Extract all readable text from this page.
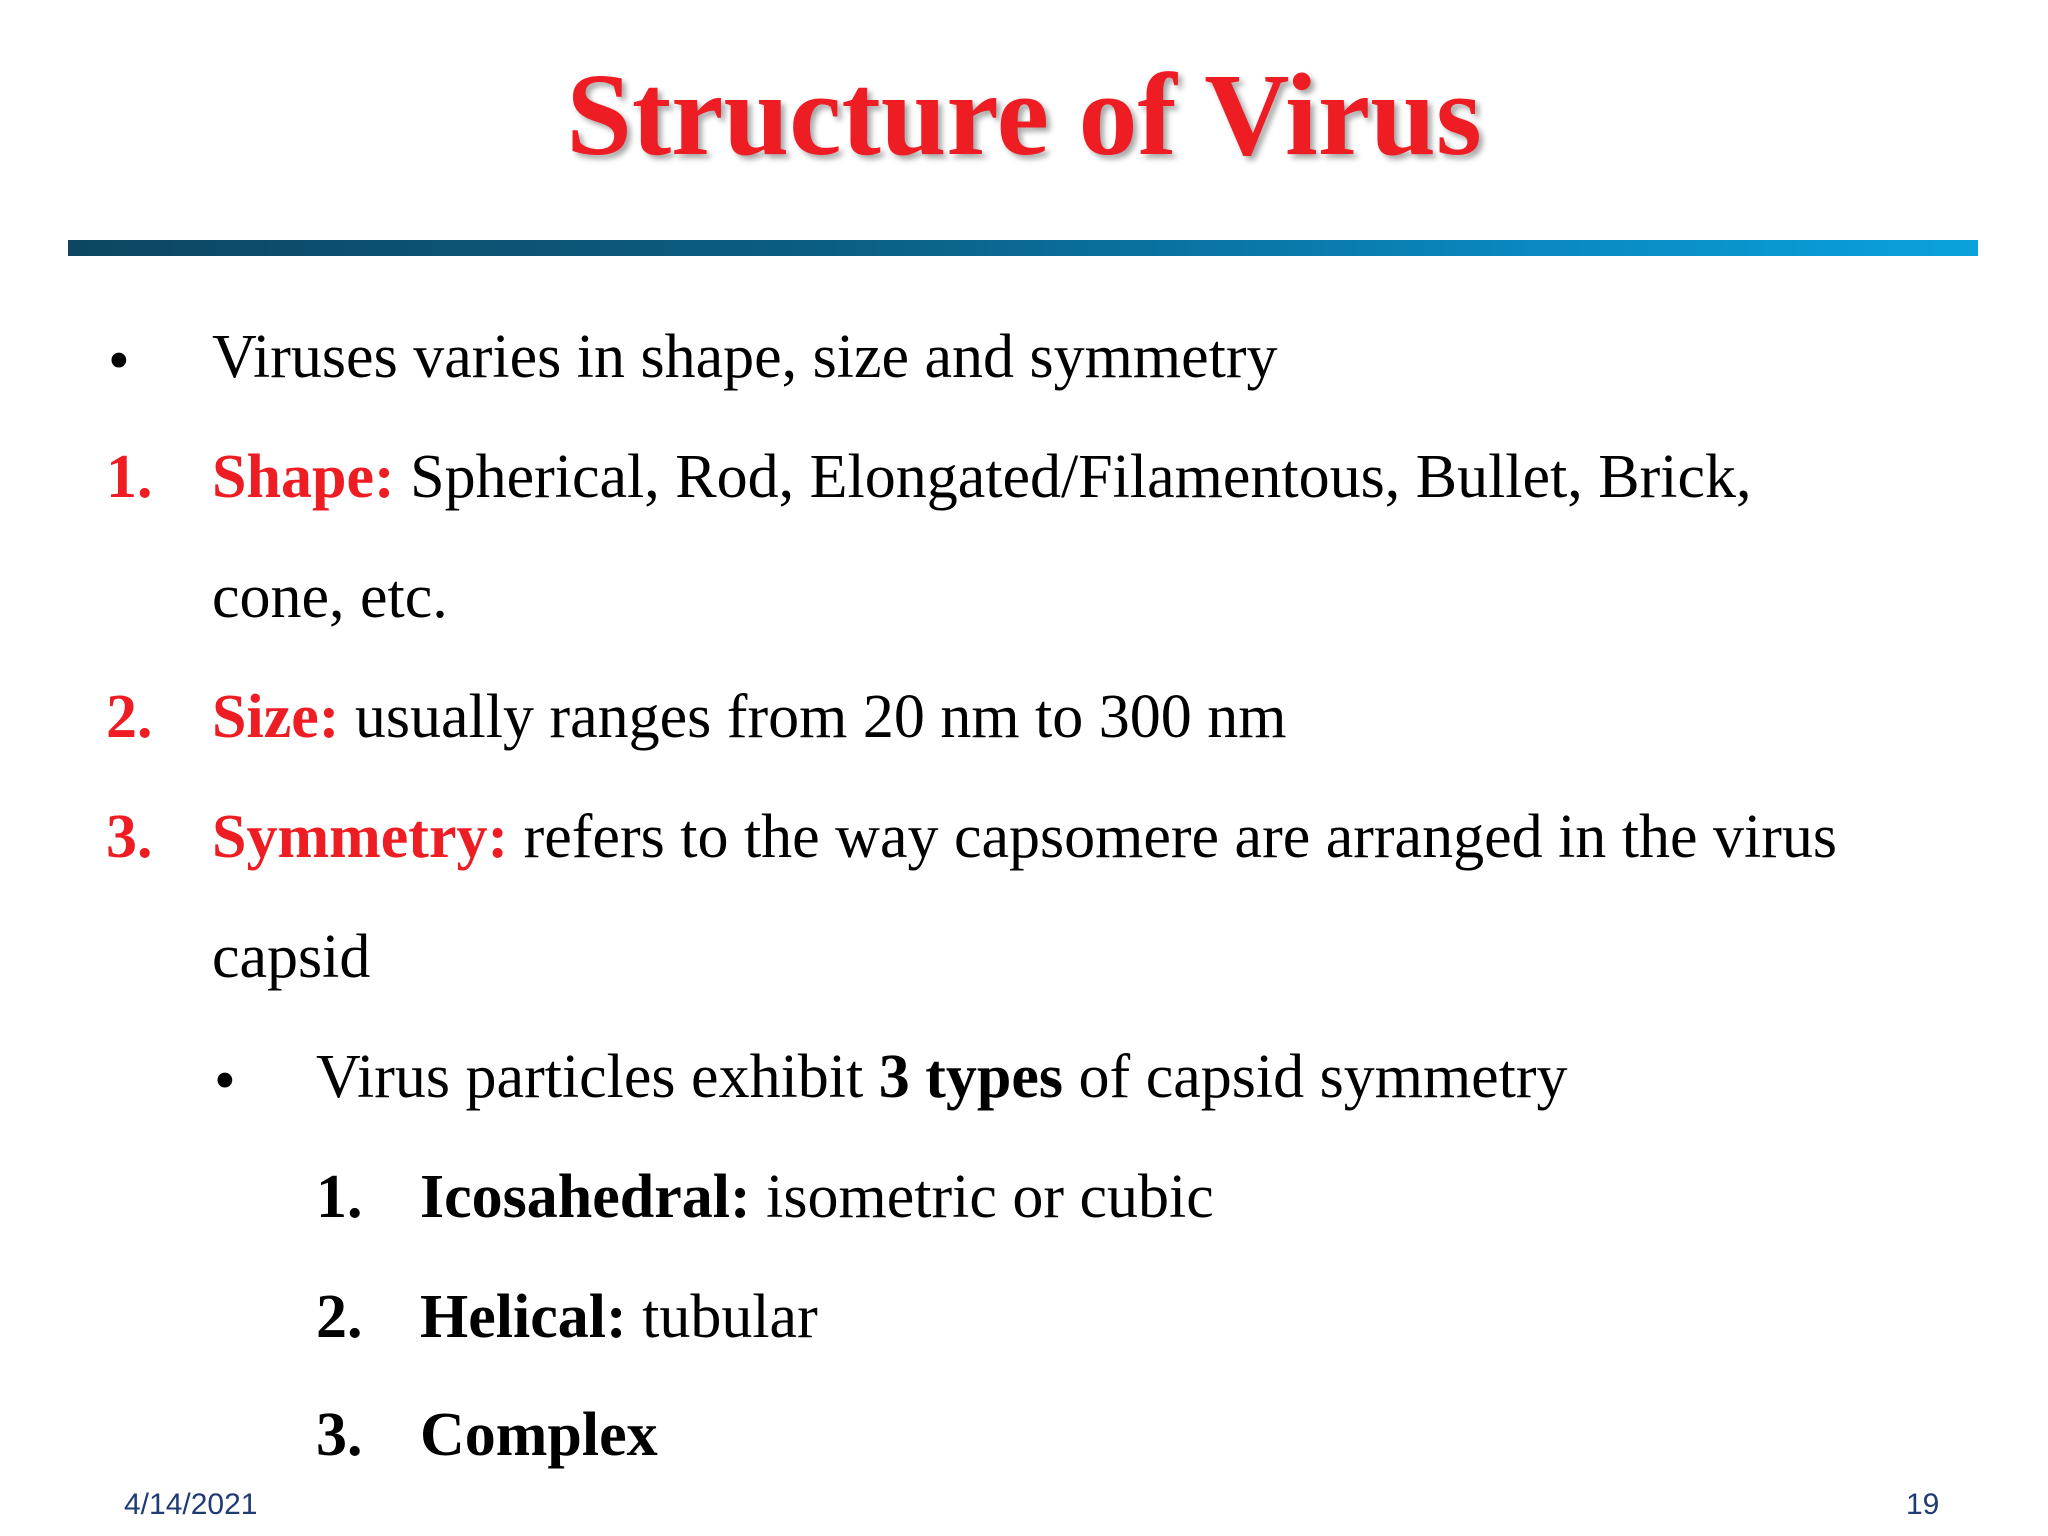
Structure of Virus
• Viruses varies in shape, size and symmetry
1. Shape: Spherical, Rod, Elongated/Filamentous, Bullet, Brick,
cone, etc.
2. Size: usually ranges from 20 nm to 300 nm
3. Symmetry: refers to the way capsomere are arranged in the virus
capsid
• Virus particles exhibit 3 types of capsid symmetry
1. Icosahedral: isometric or cubic
2. Helical: tubular
3. Complex
4/14/2021	19
